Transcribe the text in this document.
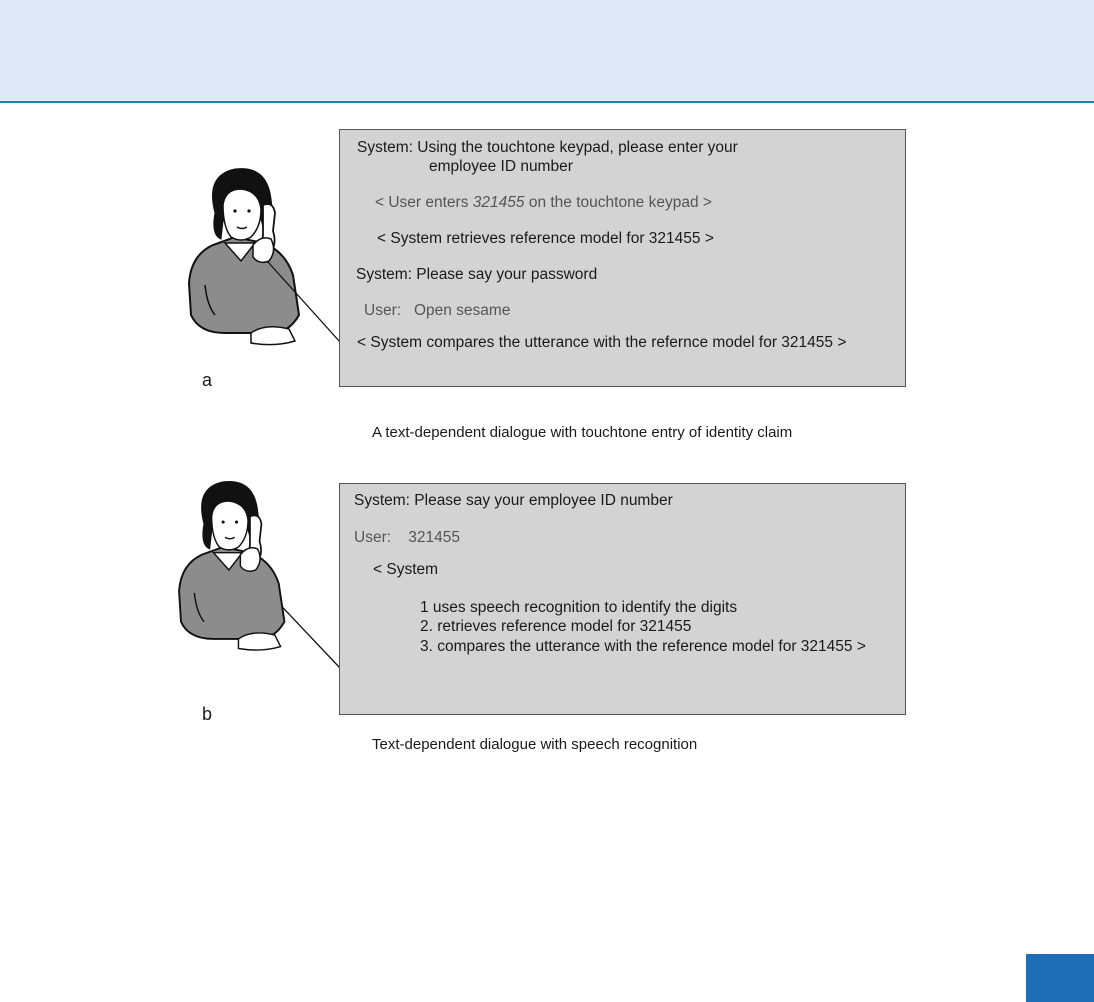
System: Using the touchtone keypad, please enter your
employee ID number
< User enters 321455 on the touchtone keypad >
< System retrieves reference model for 321455 >
System: Please say your password
User:   Open sesame
< System compares the utterance with the refernce model for 321455 >
a
A text-dependent dialogue with touchtone entry of identity claim
System: Please say your employee ID number
User:    321455
< System
1 uses speech recognition to identify the digits
2. retrieves reference model for 321455
3. compares the utterance with the reference model for 321455 >
b
Text-dependent dialogue with speech recognition
